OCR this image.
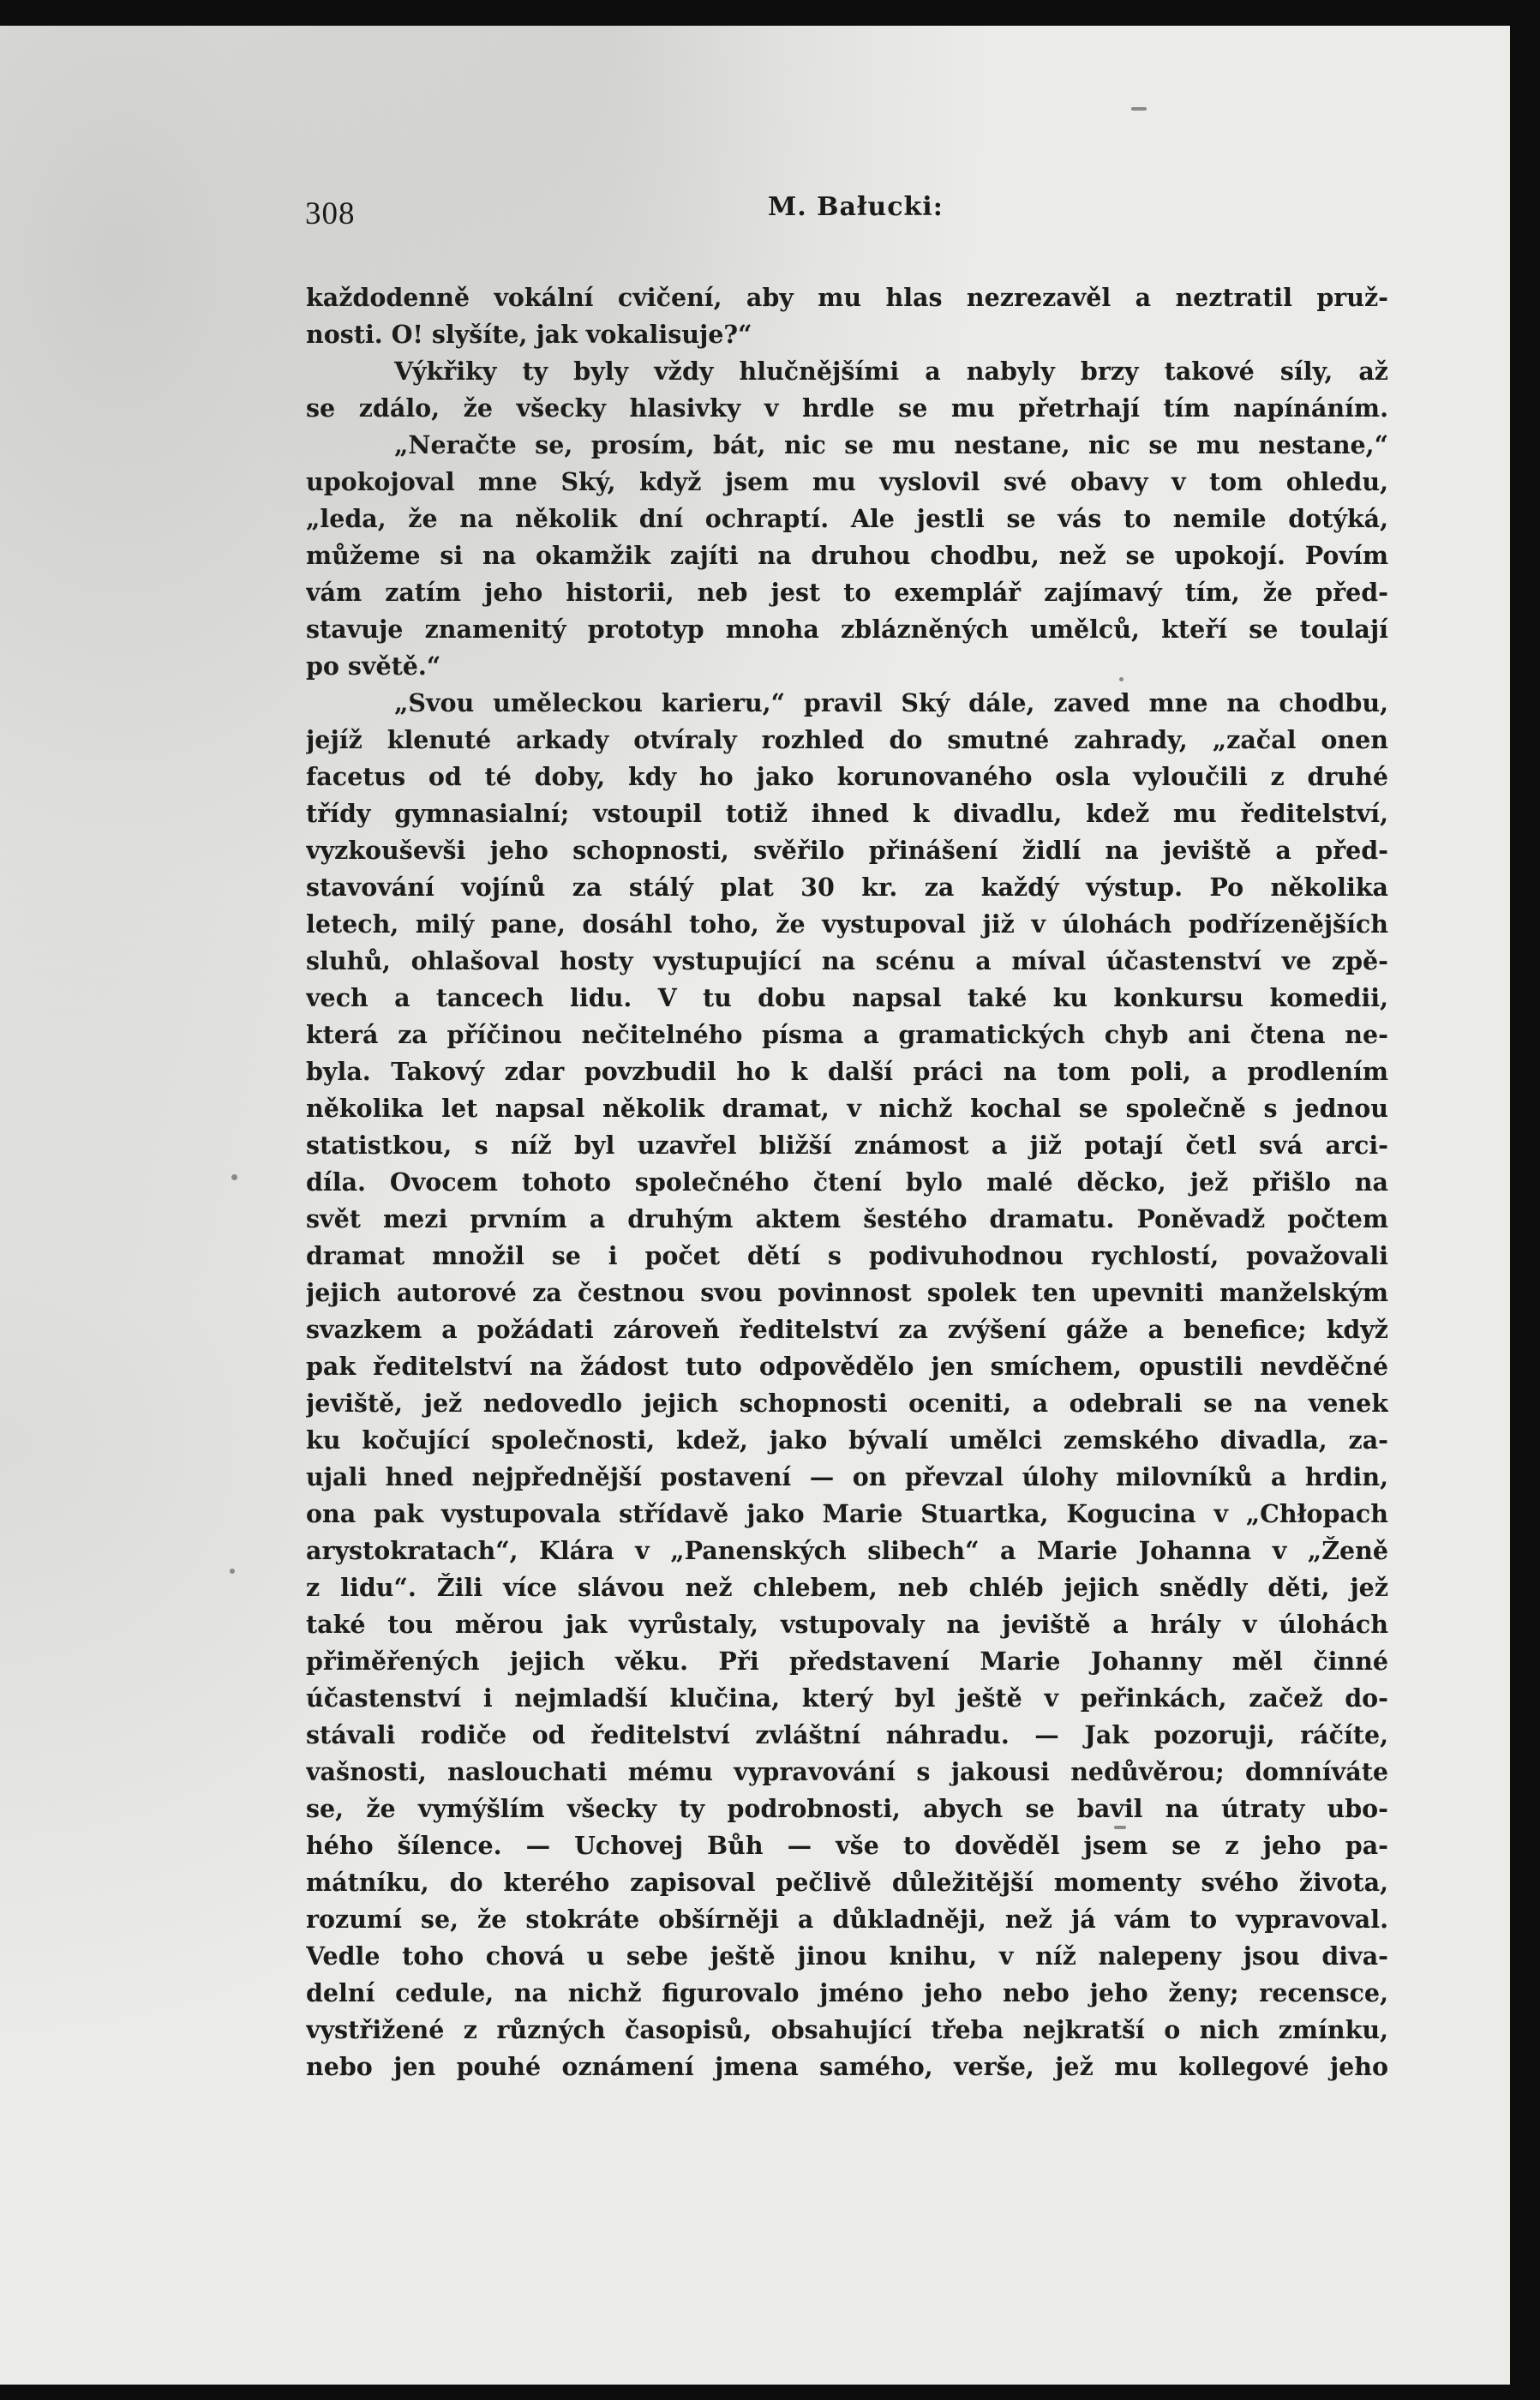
308	M. Bałucki:
každodenně vokální cvičení, aby mu hlas nezrezavěl a neztratil pruž-
nosti. O! slyšíte, jak vokalisuje?“
Výkřiky ty byly vždy hlučnějšími a nabyly brzy takové síly, až
se zdálo, že všecky hlasivky v hrdle se mu přetrhají tím napínáním.
„Neračte se, prosím, bát, nic se mu nestane, nic se mu nestane,“
upokojoval mne Ský, když jsem mu vyslovil své obavy v tom ohledu,
„leda, že na několik dní ochraptí. Ale jestli se vás to nemile dotýká,
můžeme si na okamžik zajíti na druhou chodbu, než se upokojí. Povím
vám zatím jeho historii, neb jest to exemplář zajímavý tím, že před-
stavuje znamenitý prototyp mnoha zblázněných umělců, kteří se toulají
po světě.“
„Svou uměleckou karieru,“ pravil Ský dále, zaved mne na chodbu,
jejíž klenuté arkady otvíraly rozhled do smutné zahrady, „začal onen
facetus od té doby, kdy ho jako korunovaného osla vyloučili z druhé
třídy gymnasialní; vstoupil totiž ihned k divadlu, kdež mu ředitelství,
vyzkouševši jeho schopnosti, svěřilo přinášení židlí na jeviště a před-
stavování vojínů za stálý plat 30 kr. za každý výstup. Po několika
letech, milý pane, dosáhl toho, že vystupoval již v úlohách podřízenějších
sluhů, ohlašoval hosty vystupující na scénu a míval účastenství ve zpě-
vech a tancech lidu. V tu dobu napsal také ku konkursu komedii,
která za příčinou nečitelného písma a gramatických chyb ani čtena ne-
byla. Takový zdar povzbudil ho k další práci na tom poli, a prodlením
několika let napsal několik dramat, v nichž kochal se společně s jednou
statistkou, s níž byl uzavřel bližší známost a již potají četl svá arci-
díla. Ovocem tohoto společného čtení bylo malé děcko, jež přišlo na
svět mezi prvním a druhým aktem šestého dramatu. Poněvadž počtem
dramat množil se i počet dětí s podivuhodnou rychlostí, považovali
jejich autorové za čestnou svou povinnost spolek ten upevniti manželským
svazkem a požádati zároveň ředitelství za zvýšení gáže a benefice; když
pak ředitelství na žádost tuto odpovědělo jen smíchem, opustili nevděčné
jeviště, jež nedovedlo jejich schopnosti oceniti, a odebrali se na venek
ku kočující společnosti, kdež, jako bývalí umělci zemského divadla, za-
ujali hned nejpřednější postavení — on převzal úlohy milovníků a hrdin,
ona pak vystupovala střídavě jako Marie Stuartka, Kogucina v „Chłopach
arystokratach“, Klára v „Panenských slibech“ a Marie Johanna v „Ženě
z lidu“. Žili více slávou než chlebem, neb chléb jejich snědly děti, jež
také tou měrou jak vyrůstaly, vstupovaly na jeviště a hrály v úlohách
přiměřených jejich věku. Při představení Marie Johanny měl činné
účastenství i nejmladší klučina, který byl ještě v peřinkách, začež do-
stávali rodiče od ředitelství zvláštní náhradu. — Jak pozoruji, ráčíte,
vašnosti, naslouchati mému vypravování s jakousi nedůvěrou; domníváte
se, že vymýšlím všecky ty podrobnosti, abych se bavil na útraty ubo-
hého šílence. — Uchovej Bůh — vše to dověděl jsem se z jeho pa-
mátníku, do kterého zapisoval pečlivě důležitější momenty svého života,
rozumí se, že stokráte obšírněji a důkladněji, než já vám to vypravoval.
Vedle toho chová u sebe ještě jinou knihu, v níž nalepeny jsou diva-
delní cedule, na nichž figurovalo jméno jeho nebo jeho ženy; recensce,
vystřižené z různých časopisů, obsahující třeba nejkratší o nich zmínku,
nebo jen pouhé oznámení jmena samého, verše, jež mu kollegové jeho
